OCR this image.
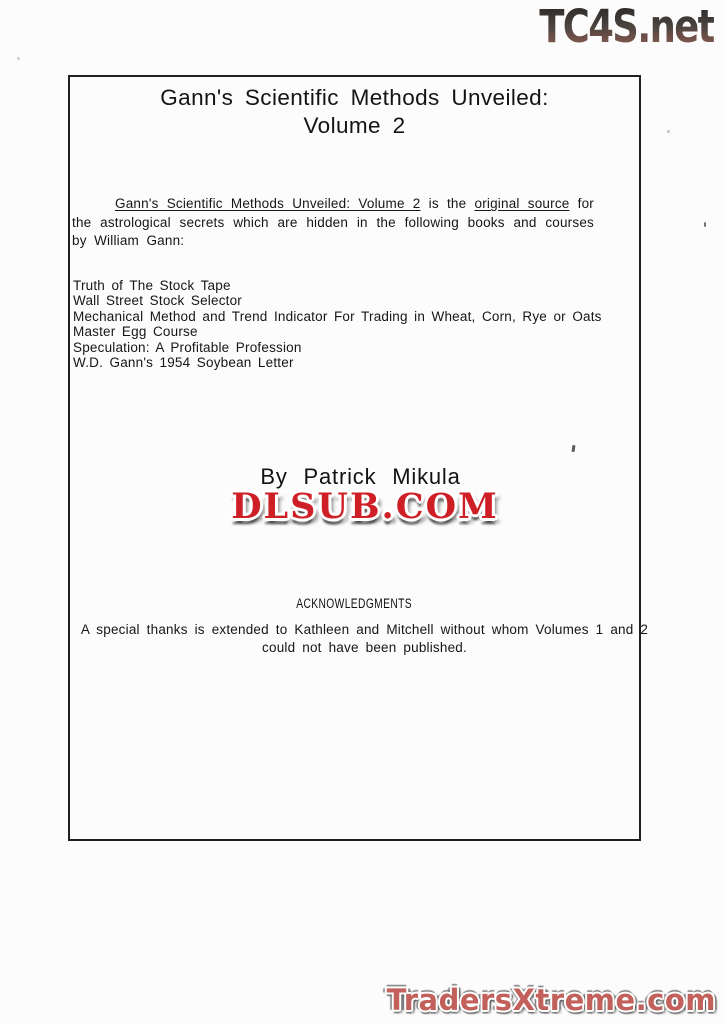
TC4S.net
Gann's Scientific Methods Unveiled:
Volume 2

Gann's Scientific Methods Unveiled: Volume 2 is the original source for the astrological secrets which are hidden in the following books and courses by William Gann:

Truth of The Stock Tape
Wall Street Stock Selector
Mechanical Method and Trend Indicator For Trading in Wheat, Corn, Rye or Oats
Master Egg Course
Speculation: A Profitable Profession
W.D. Gann's 1954 Soybean Letter
By Patrick Mikula
ACKNOWLEDGMENTS
A special thanks is extended to Kathleen and Mitchell without whom Volumes 1 and 2
could not have been published.
DLSUB.COM
TradersXtreme.com
